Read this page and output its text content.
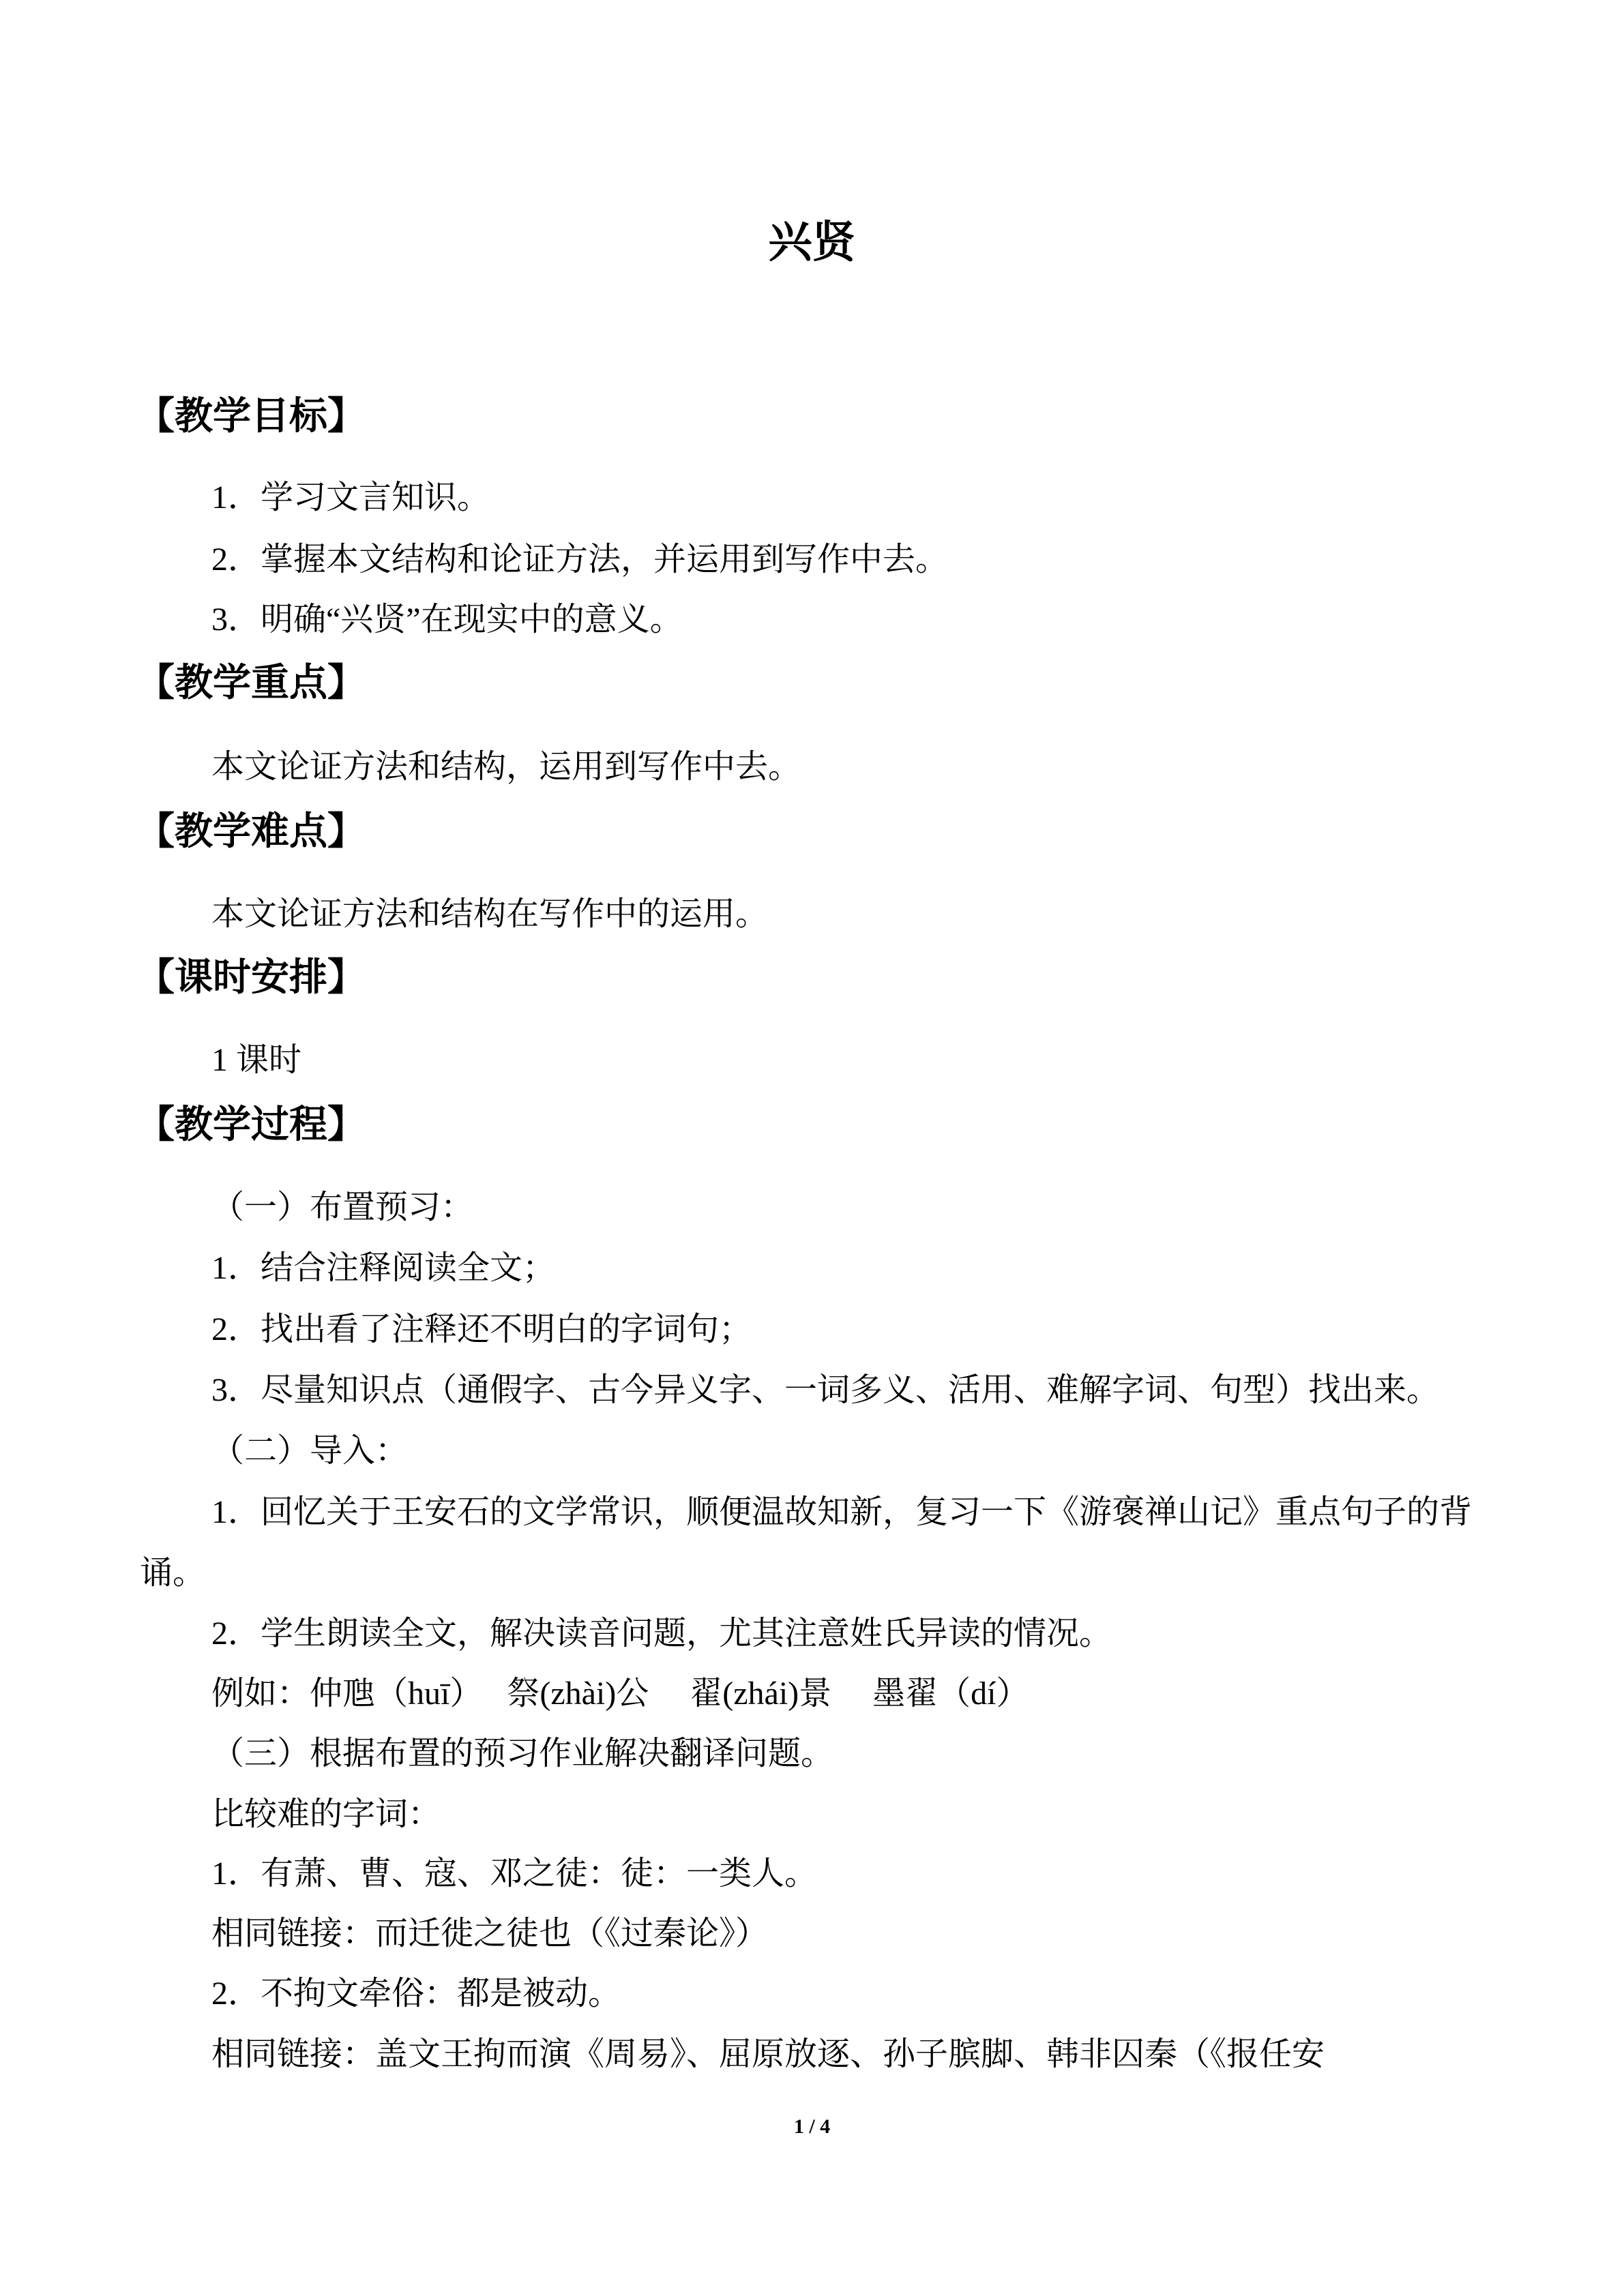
兴贤
【教学目标】
1．学习文言知识。
2．掌握本文结构和论证方法，并运用到写作中去。
3．明确“兴贤”在现实中的意义。
【教学重点】
本文论证方法和结构，运用到写作中去。
【教学难点】
本文论证方法和结构在写作中的运用。
【课时安排】
1 课时
【教学过程】
（一）布置预习：
1．结合注释阅读全文；
2．找出看了注释还不明白的字词句；
3．尽量知识点（通假字、古今异义字、一词多义、活用、难解字词、句型）找出来。
（二）导入：
1．回忆关于王安石的文学常识，顺便温故知新，复习一下《游褒禅山记》重点句子的背
诵。
2．学生朗读全文，解决读音问题，尤其注意姓氏异读的情况。
例如：仲虺（huī）　 祭(zhài)公　 翟(zhái)景　 墨翟（dí）
（三）根据布置的预习作业解决翻译问题。
比较难的字词：
1．有萧、曹、寇、邓之徒：徒：一类人。
相同链接：而迁徙之徒也（《过秦论》）
2．不拘文牵俗：都是被动。
相同链接：盖文王拘而演《周易》、屈原放逐、孙子膑脚、韩非囚秦（《报任安
1 / 4
